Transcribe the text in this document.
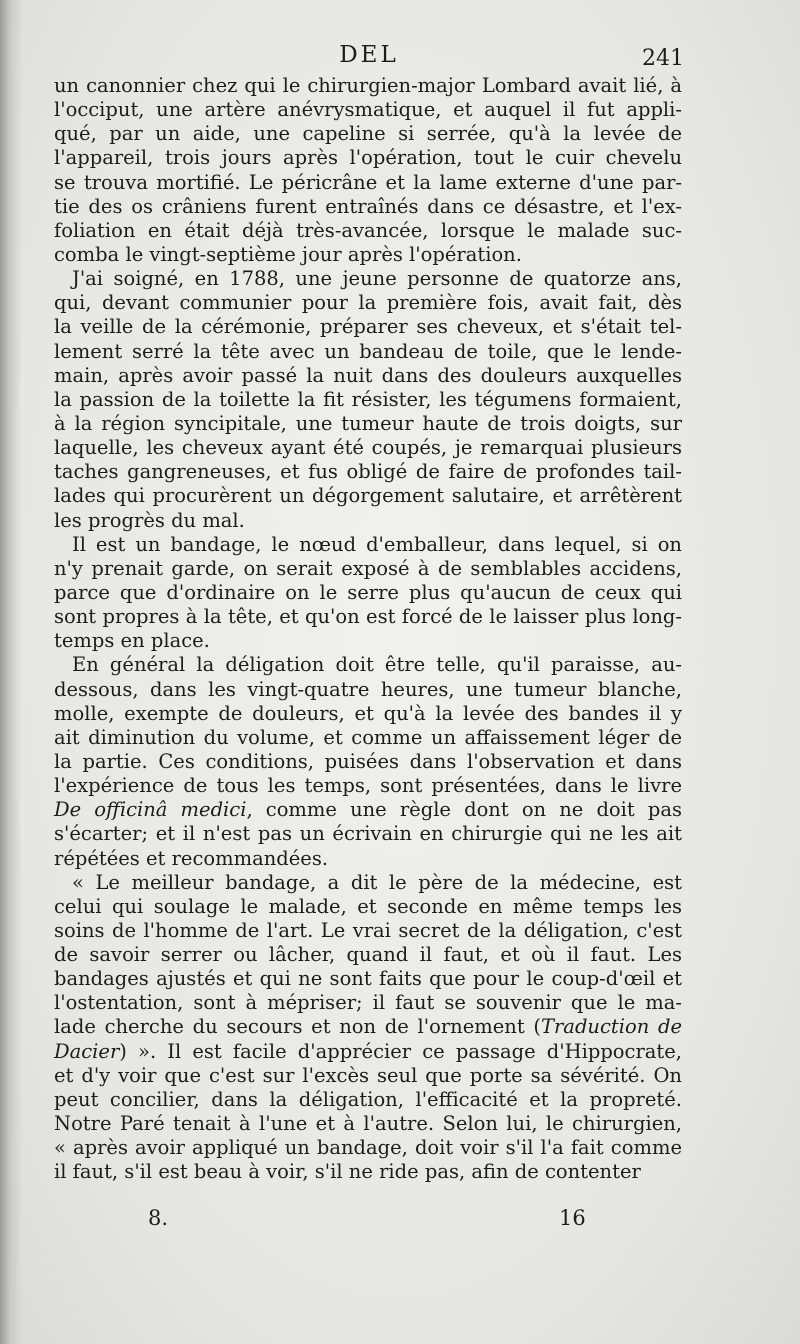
DEL	241
un canonnier chez qui le chirurgien-major Lombard avait lié, à
l'occiput, une artère anévrysmatique, et auquel il fut appli-
qué, par un aide, une capeline si serrée, qu'à la levée de
l'appareil, trois jours après l'opération, tout le cuir chevelu
se trouva mortifié. Le péricrâne et la lame externe d'une par-
tie des os crâniens furent entraînés dans ce désastre, et l'ex-
foliation en était déjà très-avancée, lorsque le malade suc-
comba le vingt-septième jour après l'opération.
J'ai soigné, en 1788, une jeune personne de quatorze ans,
qui, devant communier pour la première fois, avait fait, dès
la veille de la cérémonie, préparer ses cheveux, et s'était tel-
lement serré la tête avec un bandeau de toile, que le lende-
main, après avoir passé la nuit dans des douleurs auxquelles
la passion de la toilette la fit résister, les tégumens formaient,
à la région syncipitale, une tumeur haute de trois doigts, sur
laquelle, les cheveux ayant été coupés, je remarquai plusieurs
taches gangreneuses, et fus obligé de faire de profondes tail-
lades qui procurèrent un dégorgement salutaire, et arrêtèrent
les progrès du mal.
Il est un bandage, le nœud d'emballeur, dans lequel, si on
n'y prenait garde, on serait exposé à de semblables accidens,
parce que d'ordinaire on le serre plus qu'aucun de ceux qui
sont propres à la tête, et qu'on est forcé de le laisser plus long-
temps en place.
En général la déligation doit être telle, qu'il paraisse, au-
dessous, dans les vingt-quatre heures, une tumeur blanche,
molle, exempte de douleurs, et qu'à la levée des bandes il y
ait diminution du volume, et comme un affaissement léger de
la partie. Ces conditions, puisées dans l'observation et dans
l'expérience de tous les temps, sont présentées, dans le livre
De officinâ medici, comme une règle dont on ne doit pas
s'écarter; et il n'est pas un écrivain en chirurgie qui ne les ait
répétées et recommandées.
« Le meilleur bandage, a dit le père de la médecine, est
celui qui soulage le malade, et seconde en même temps les
soins de l'homme de l'art. Le vrai secret de la déligation, c'est
de savoir serrer ou lâcher, quand il faut, et où il faut. Les
bandages ajustés et qui ne sont faits que pour le coup-d'œil et
l'ostentation, sont à mépriser; il faut se souvenir que le ma-
lade cherche du secours et non de l'ornement (Traduction de
Dacier) ». Il est facile d'apprécier ce passage d'Hippocrate,
et d'y voir que c'est sur l'excès seul que porte sa sévérité. On
peut concilier, dans la déligation, l'efficacité et la propreté.
Notre Paré tenait à l'une et à l'autre. Selon lui, le chirurgien,
« après avoir appliqué un bandage, doit voir s'il l'a fait comme
il faut, s'il est beau à voir, s'il ne ride pas, afin de contenter
8.	16
